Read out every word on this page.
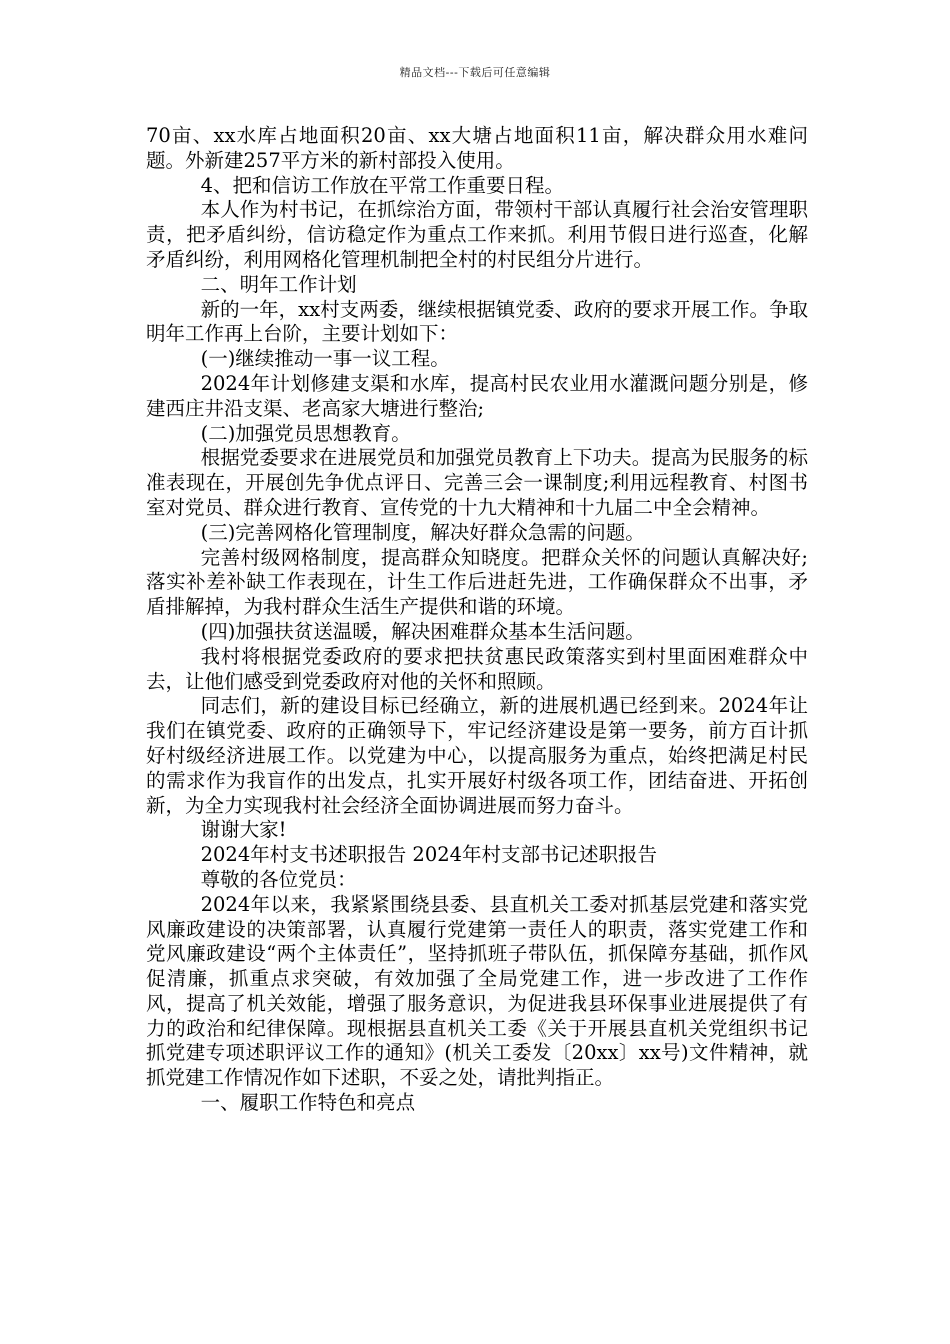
精品文档---下载后可任意编辑

70亩、xx水库占地面积20亩、xx大塘占地面积11亩，解决群众用水难问题。外新建257平方米的新村部投入使用。

4、把和信访工作放在平常工作重要日程。

本人作为村书记，在抓综治方面，带领村干部认真履行社会治安管理职责，把矛盾纠纷，信访稳定作为重点工作来抓。利用节假日进行巡查，化解矛盾纠纷，利用网格化管理机制把全村的村民组分片进行。

二、明年工作计划

新的一年，xx村支两委，继续根据镇党委、政府的要求开展工作。争取明年工作再上台阶，主要计划如下：

(一)继续推动一事一议工程。

2024年计划修建支渠和水库，提高村民农业用水灌溉问题分别是，修建西庄井沿支渠、老高家大塘进行整治;

(二)加强党员思想教育。

根据党委要求在进展党员和加强党员教育上下功夫。提高为民服务的标准表现在，开展创先争优点评日、完善三会一课制度;利用远程教育、村图书室对党员、群众进行教育、宣传党的十九大精神和十九届二中全会精神。

(三)完善网格化管理制度，解决好群众急需的问题。

完善村级网格制度，提高群众知晓度。把群众关怀的问题认真解决好;落实补差补缺工作表现在，计生工作后进赶先进，工作确保群众不出事，矛盾排解掉，为我村群众生活生产提供和谐的环境。

(四)加强扶贫送温暖，解决困难群众基本生活问题。

我村将根据党委政府的要求把扶贫惠民政策落实到村里面困难群众中去，让他们感受到党委政府对他的关怀和照顾。

同志们，新的建设目标已经确立，新的进展机遇已经到来。2024年让我们在镇党委、政府的正确领导下，牢记经济建设是第一要务，前方百计抓好村级经济进展工作。以党建为中心，以提高服务为重点，始终把满足村民的需求作为我盲作的出发点，扎实开展好村级各项工作，团结奋进、开拓创新，为全力实现我村社会经济全面协调进展而努力奋斗。

谢谢大家!

2024年村支书述职报告 2024年村支部书记述职报告

尊敬的各位党员：

2024年以来，我紧紧围绕县委、县直机关工委对抓基层党建和落实党风廉政建设的决策部署，认真履行党建第一责任人的职责，落实党建工作和党风廉政建设“两个主体责任”，坚持抓班子带队伍，抓保障夯基础，抓作风促清廉，抓重点求突破，有效加强了全局党建工作，进一步改进了工作作风，提高了机关效能，增强了服务意识，为促进我县环保事业进展提供了有力的政治和纪律保障。现根据县直机关工委《关于开展县直机关党组织书记抓党建专项述职评议工作的通知》(机关工委发〔20xx〕xx号)文件精神，就抓党建工作情况作如下述职，不妥之处，请批判指正。

一、履职工作特色和亮点
